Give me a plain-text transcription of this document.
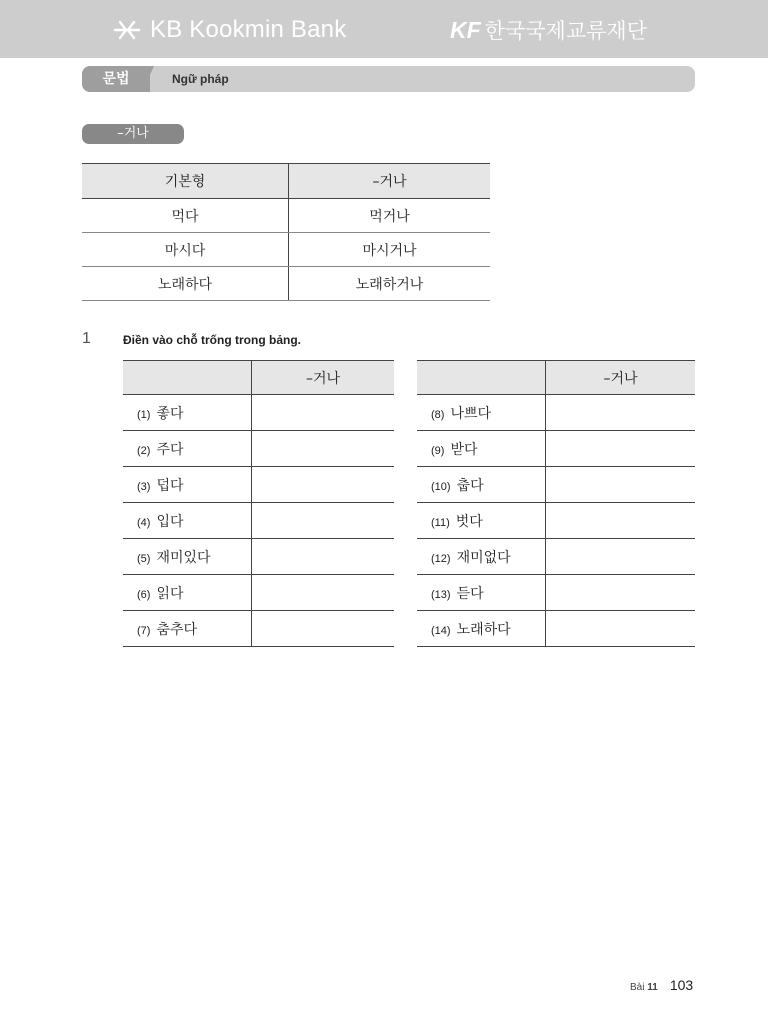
KB Kookmin Bank	KF 한국국제교류재단
문법	Ngữ pháp
–거나
기본형	–거나
먹다	먹거나
마시다	마시거나
노래하다	노래하거나
1	Điền vào chỗ trống trong bảng.
	–거나
(1) 좋다	
(2) 주다	
(3) 덥다	
(4) 입다	
(5) 재미있다	
(6) 읽다	
(7) 춤추다	
	–거나
(8) 나쁘다	
(9) 받다	
(10) 춥다	
(11) 벗다	
(12) 재미없다	
(13) 듣다	
(14) 노래하다	
Bài 11 103
